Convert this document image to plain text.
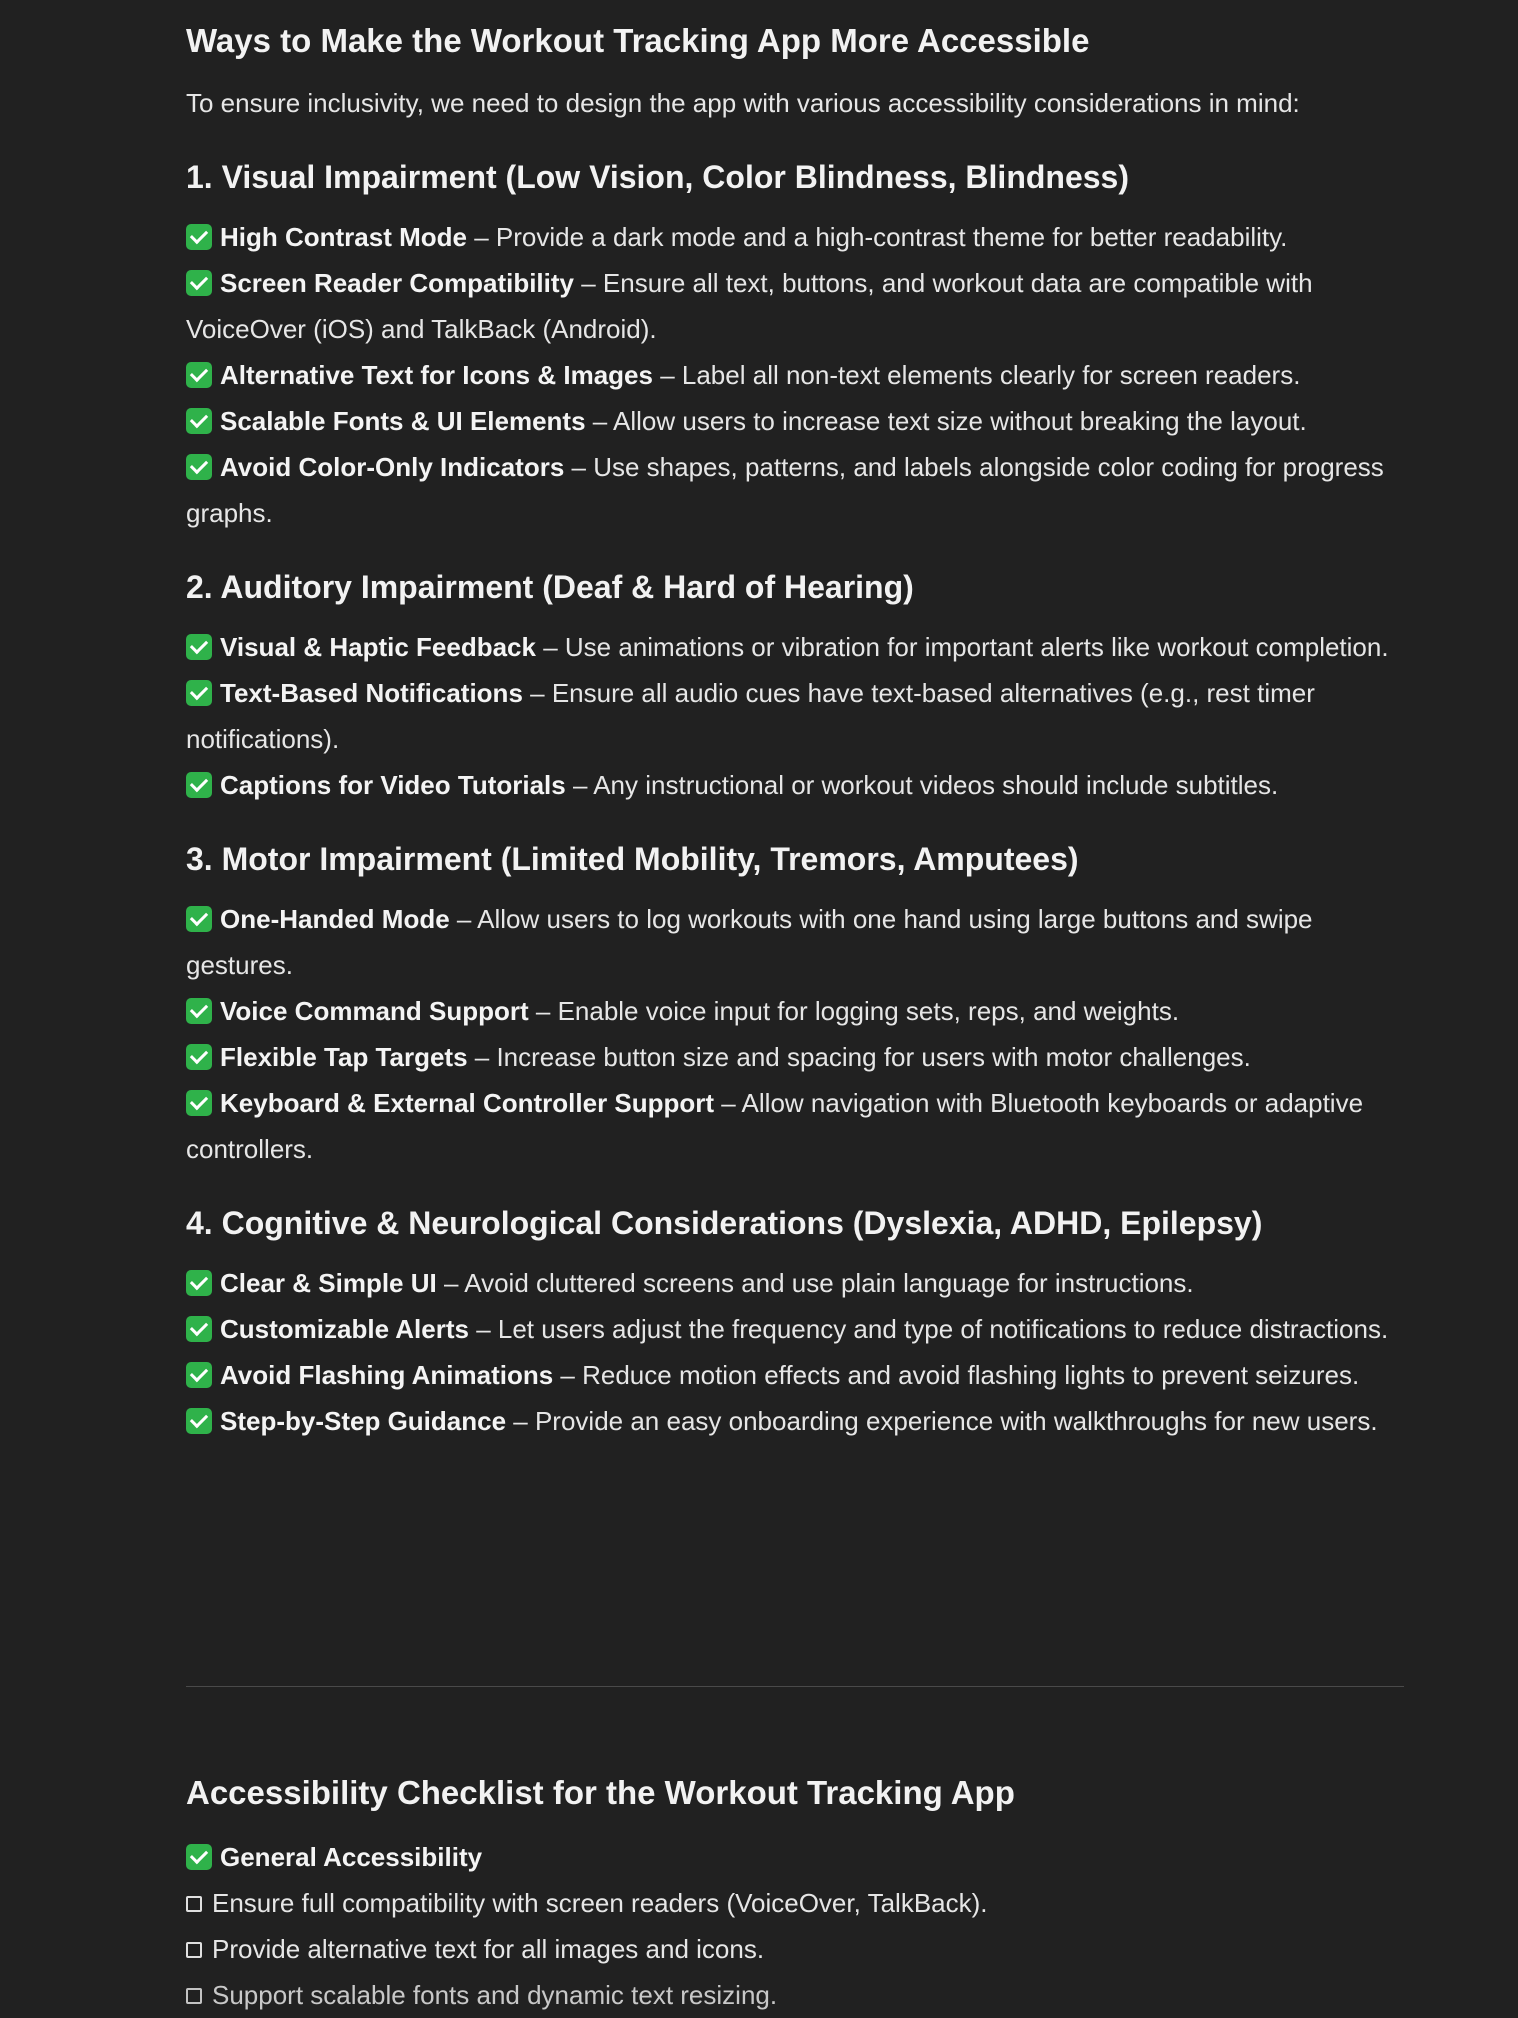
Ways to Make the Workout Tracking App More Accessible

To ensure inclusivity, we need to design the app with various accessibility considerations in mind:

1. Visual Impairment (Low Vision, Color Blindness, Blindness)
High Contrast Mode – Provide a dark mode and a high-contrast theme for better readability.
Screen Reader Compatibility – Ensure all text, buttons, and workout data are compatible with VoiceOver (iOS) and TalkBack (Android).
Alternative Text for Icons & Images – Label all non-text elements clearly for screen readers.
Scalable Fonts & UI Elements – Allow users to increase text size without breaking the layout.
Avoid Color-Only Indicators – Use shapes, patterns, and labels alongside color coding for progress graphs.
2. Auditory Impairment (Deaf & Hard of Hearing)
Visual & Haptic Feedback – Use animations or vibration for important alerts like workout completion.
Text-Based Notifications – Ensure all audio cues have text-based alternatives (e.g., rest timer notifications).
Captions for Video Tutorials – Any instructional or workout videos should include subtitles.
3. Motor Impairment (Limited Mobility, Tremors, Amputees)
One-Handed Mode – Allow users to log workouts with one hand using large buttons and swipe gestures.
Voice Command Support – Enable voice input for logging sets, reps, and weights.
Flexible Tap Targets – Increase button size and spacing for users with motor challenges.
Keyboard & External Controller Support – Allow navigation with Bluetooth keyboards or adaptive controllers.
4. Cognitive & Neurological Considerations (Dyslexia, ADHD, Epilepsy)
Clear & Simple UI – Avoid cluttered screens and use plain language for instructions.
Customizable Alerts – Let users adjust the frequency and type of notifications to reduce distractions.
Avoid Flashing Animations – Reduce motion effects and avoid flashing lights to prevent seizures.
Step-by-Step Guidance – Provide an easy onboarding experience with walkthroughs for new users.
Accessibility Checklist for the Workout Tracking App
General Accessibility
Ensure full compatibility with screen readers (VoiceOver, TalkBack).
Provide alternative text for all images and icons.
Support scalable fonts and dynamic text resizing.
